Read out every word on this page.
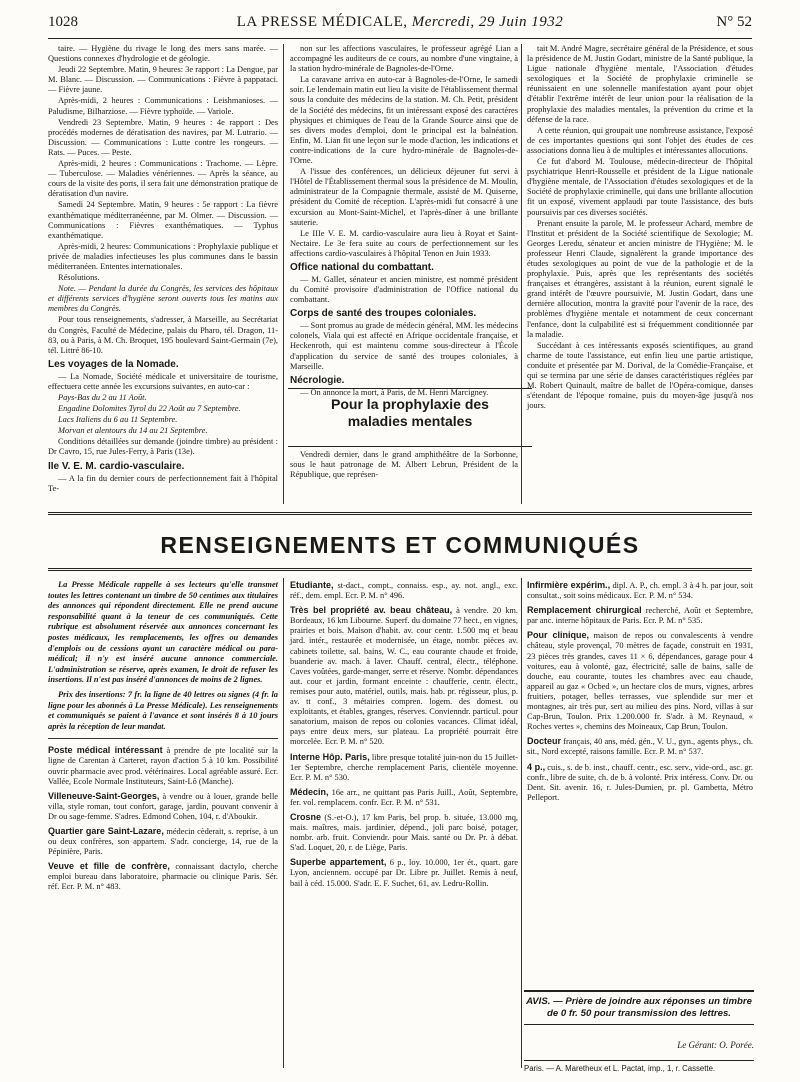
1028	LA PRESSE MÉDICALE, Mercredi, 29 Juin 1932	N° 52

taire. — Hygiène du rivage le long des mers sans marée. — Questions connexes d'hydrologie et de géologie.

Jeudi 22 Septembre. Matin, 9 heures: 3e rapport : La Dengue, par M. Blanc. — Discussion. — Communications : Fièvre à pappataci. — Fièvre jaune.

Après-midi, 2 heures : Communications : Leishmanioses. — Paludisme, Bilharziose. — Fièvre typhoïde. — Variole.

Vendredi 23 Septembre. Matin, 9 heures : 4e rapport : Des procédés modernes de dératisation des navires, par M. Lutrario. — Discussion. — Communications : Lutte contre les rongeurs. — Rats. — Puces. — Peste.

Après-midi, 2 heures : Communications : Trachome. — Lèpre. — Tuberculose. — Maladies vénériennes. — Après la séance, au cours de la visite des ports, il sera fait une démonstration pratique de dératisation d'un navire.

Samedi 24 Septembre. Matin, 9 heures : 5e rapport : La fièvre exanthématique méditerranéenne, par M. Olmer. — Discussion. — Communications : Fièvres exanthématiques. — Typhus exanthématique.

Après-midi, 2 heures: Communications : Prophylaxie publique et privée de maladies infectieuses les plus communes dans le bassin méditerranéen. Ententes internationales.

Résolutions.

Note. — Pendant la durée du Congrès, les services des hôpitaux et différents services d'hygiène seront ouverts tous les matins aux membres du Congrès.

Pour tous renseignements, s'adresser, à Marseille, au Secrétariat du Congrès, Faculté de Médecine, palais du Pharo, tél. Dragon, 11-83, ou à Paris, à M. Ch. Broquet, 195 boulevard Saint-Germain (7e), tél. Littré 86-10.

Les voyages de la Nomade.

— La Nomade, Société médicale et universitaire de tourisme, effectuera cette année les excursions suivantes, en auto-car :

Pays-Bas du 2 au 11 Août.

Engadine Dolomites Tyrol du 22 Août au 7 Septembre.

Lacs Italiens du 6 au 11 Septembre.

Morvan et alentours du 14 au 21 Septembre.

Conditions détaillées sur demande (joindre timbre) au président : Dr Cavro, 15, rue Jules-Ferry, à Paris (13e).

IIe V. E. M. cardio-vasculaire.

— A la fin du dernier cours de perfectionnement fait à l'hôpital Te-

non sur les affections vasculaires, le professeur agrégé Lian a accompagné les auditeurs de ce cours, au nombre d'une vingtaine, à la station hydro-minérale de Bagnoles-de-l'Orne.

La caravane arriva en auto-car à Bagnoles-de-l'Orne, le samedi soir. Le lendemain matin eut lieu la visite de l'établissement thermal sous la conduite des médecins de la station. M. Ch. Petit, président de la Société des médecins, fit un intéressant exposé des caractères physiques et chimiques de l'eau de la Grande Source ainsi que de ses divers modes d'emploi, dont le principal est la balnéation. Enfin, M. Lian fit une leçon sur le mode d'action, les indications et contre-indications de la cure hydro-minérale de Bagnoles-de-l'Orne.

A l'issue des conférences, un délicieux déjeuner fut servi à l'Hôtel de l'Établissement thermal sous la présidence de M. Moulin, administrateur de la Compagnie thermale, assisté de M. Quiserne, président du Comité de réception. L'après-midi fut consacré à une excursion au Mont-Saint-Michel, et l'après-dîner à une brillante sauterie.

Le IIIe V. E. M. cardio-vasculaire aura lieu à Royat et Saint-Nectaire. Le 3e fera suite au cours de perfectionnement sur les affections cardio-vasculaires à l'hôpital Tenon en Juin 1933.

Office national du combattant.

— M. Gallet, sénateur et ancien ministre, est nommé président du Comité provisoire d'administration de l'Office national du combattant.

Corps de santé des troupes coloniales.

— Sont promus au grade de médecin général, MM. les médecins colonels, Viala qui est affecté en Afrique occidentale française, et Heckenroth, qui est maintenu comme sous-directeur à l'École d'application du service de santé des troupes coloniales, à Marseille.

Nécrologie.

— On annonce la mort, à Paris, de M. Henri Marcigney.

Pour la prophylaxie des maladies mentales

Vendredi dernier, dans le grand amphithéâtre de la Sorbonne, sous le haut patronage de M. Albert Lebrun, Président de la République, que représen-

tait M. André Magre, secrétaire général de la Présidence, et sous la présidence de M. Justin Godart, ministre de la Santé publique, la Ligue nationale d'hygiène mentale, l'Association d'études sexologiques et la Société de prophylaxie criminelle se réunissaient en une solennelle manifestation ayant pour objet d'établir l'extrême intérêt de leur union pour la réalisation de la prophylaxie des maladies mentales, la prévention du crime et la défense de la race.

A cette réunion, qui groupait une nombreuse assistance, l'exposé de ces importantes questions qui sont l'objet des études de ces associations donna lieu à de multiples et intéressantes allocutions.

Ce fut d'abord M. Toulouse, médecin-directeur de l'hôpital psychiatrique Henri-Rousselle et président de la Ligue nationale d'hygiène mentale, de l'Association d'études sexologiques et de la Société de prophylaxie criminelle, qui dans une brillante allocution fit un exposé, vivement applaudi par toute l'assistance, des buts poursuivis par ces diverses sociétés.

Prenant ensuite la parole, M. le professeur Achard, membre de l'Institut et président de la Société scientifique de Sexologie; M. Georges Leredu, sénateur et ancien ministre de l'Hygiène; M. le professeur Henri Claude, signalèrent la grande importance des études sexologiques au point de vue de la pathologie et de la prophylaxie. Puis, après que les représentants des sociétés françaises et étrangères, assistant à la réunion, eurent signalé le grand intérêt de l'œuvre poursuivie, M. Justin Godart, dans une dernière allocution, montra la gravité pour l'avenir de la race, des problèmes d'hygiène mentale et notamment de ceux concernant l'enfance, dont la culpabilité est si fréquemment conditionnée par la maladie.

Succédant à ces intéressants exposés scientifiques, au grand charme de toute l'assistance, eut enfin lieu une partie artistique, conduite et présentée par M. Dorival, de la Comédie-Française, et qui se termina par une série de danses caractéristiques réglées par M. Robert Quinault, maître de ballet de l'Opéra-comique, danses s'étendant de l'époque romaine, puis du moyen-âge jusqu'à nos jours.

RENSEIGNEMENTS ET COMMUNIQUÉS

La Presse Médicale rappelle à ses lecteurs qu'elle transmet toutes les lettres contenant un timbre de 50 centimes aux titulaires des annonces qui répondent directement. Elle ne prend aucune responsabilité quant à la teneur de ces communiqués. Cette rubrique est absolument réservée aux annonces concernant les postes médicaux, les remplacements, les offres ou demandes d'emplois ou de cessions ayant un caractère médical ou para-médical; il n'y est inséré aucune annonce commerciale. L'administration se réserve, après examen, le droit de refuser les insertions. Il n'est pas inséré d'annonces de moins de 2 lignes.

Prix des insertions: 7 fr. la ligne de 40 lettres ou signes (4 fr. la ligne pour les abonnés à La Presse Médicale). Les renseignements et communiqués se paient à l'avance et sont insérés 8 à 10 jours après la réception de leur mandat.

Poste médical intéressant à prendre de pte localité sur la ligne de Carentan à Carteret, rayon d'action 5 à 10 km. Possibilité ouvrir pharmacie avec prod. vétérinaires. Local agréable assuré. Ecr. Vallée, Ecole Normale Instituteurs, Saint-Lô (Manche).

Villeneuve-Saint-Georges, à vendre ou à louer, grande belle villa, style roman, tout confort, garage, jardin, pouvant convenir à Dr ou sage-femme. S'adres. Edmond Cohen, 104, r. d'Aboukir.

Quartier gare Saint-Lazare, médecin cèderait, s. reprise, à un ou deux confrères, son appartem. S'adr. concierge, 14, rue de la Pépinière, Paris.

Veuve et fille de confrère, connaissant dactylo, cherche emploi bureau dans laboratoire, pharmacie ou clinique Paris. Sér. réf. Ecr. P. M. n° 483.

Etudiante, st-dact., compt., connaiss. esp., ay. not. angl., exc. réf., dem. empl. Ecr. P. M. n° 496.

Très bel propriété av. beau château, à vendre. 20 km. Bordeaux, 16 km Libourne. Superf. du domaine 77 hect., en vignes, prairies et bois. Maison d'habit. av. cour centr. 1.500 mq et beau jard. intér., restaurée et modernisée, un étage, nombr. pièces av. cabinets toilette, sal. bains, W. C., eau courante chaude et froide, buanderie av. mach. à laver. Chauff. central, électr., téléphone. Caves voûtées, garde-manger, serre et réserve. Nombr. dépendances aut. cour et jardin, formant enceinte : chaufferie, centr. électr., remises pour auto, matériel, outils, mais. hab. pr. régisseur, plus, p. av. tt conf., 3 métairies compren. logem. des domest. ou exploitants, et étables, granges, réserves. Convienndr. particul. pour sanatorium, maison de repos ou colonies vacances. Climat idéal, pays entre deux mers, sur plateau. La propriété pourrait être morcelée. Ecr. P. M. n° 520.

Interne Hôp. Paris, libre presque totalité juin-non du 15 Juillet-1er Septembre, cherche remplacement Paris, clientèle moyenne. Ecr. P. M. n° 530.

Médecin, 16e arr., ne quittant pas Paris Juill., Août, Septembre, fer. vol. remplacem. confr. Ecr. P. M. n° 531.

Crosne (S.-et-O.), 17 km Paris, bel prop. b. située, 13.000 mq, mais. maîtres, mais. jardinier, dépend., joli parc boisé, potager, nombr. arb. fruit. Conviendr. pour Mais. santé ou Dr. Pr. à débat. S'ad. Loquet, 20, r. de Liège, Paris.

Superbe appartement, 6 p., loy. 10.000, 1er ét., quart. gare Lyon, anciennem. occupé par Dr. Libre pr. Juillet. Remis à neuf, bail à céd. 15.000. S'adr. E. F. Suchet, 61, av. Ledru-Rollin.

Infirmière expérim., dipl. A. P., ch. empl. 3 à 4 h. par jour, soit consultat., soit soins médicaux. Ecr. P. M. n° 534.

Remplacement chirurgical recherché, Août et Septembre, par anc. interne hôpitaux de Paris. Ecr. P. M. n° 535.

Pour clinique, maison de repos ou convalescents à vendre château, style provençal, 70 mètres de façade, construit en 1931, 23 pièces très grandes, caves 11 × 6, dépendances, garage pour 4 voitures, eau à volonté, gaz, électricité, salle de bains, salle de douche, eau courante, toutes les chambres avec eau chaude, appareil au gaz « Ocbed », un hectare clos de murs, vignes, arbres fruitiers, potager, belles terrasses, vue splendide sur mer et montagnes, air très pur, sert au milieu des pins. Nord, villas à sur Cap-Brun, Toulon. Prix 1.200.000 fr. S'adr. à M. Reynaud, « Roches vertes », chemins des Moineaux, Cap Brun, Toulon.

Docteur français, 40 ans, méd. gén., V. U., gyn., agents phys., ch. sit., Nord excepté, raisons famille. Ecr. P. M. n° 537.

4 p., cuis., s. de b. inst., chauff. centr., esc. serv., vide-ord., asc. gr. confr., libre de suite, ch. de b. à volonté. Prix intéress. Conv. Dr. ou Dent. Sit. avenir. 16, r. Jules-Dumien, pr. pl. Gambetta, Métro Pelleport.

AVIS. — Prière de joindre aux réponses un timbre de 0 fr. 50 pour transmission des lettres.
Le Gérant: O. Porée.
Paris. — A. Maretheux et L. Pactat, imp., 1, r. Cassette.
